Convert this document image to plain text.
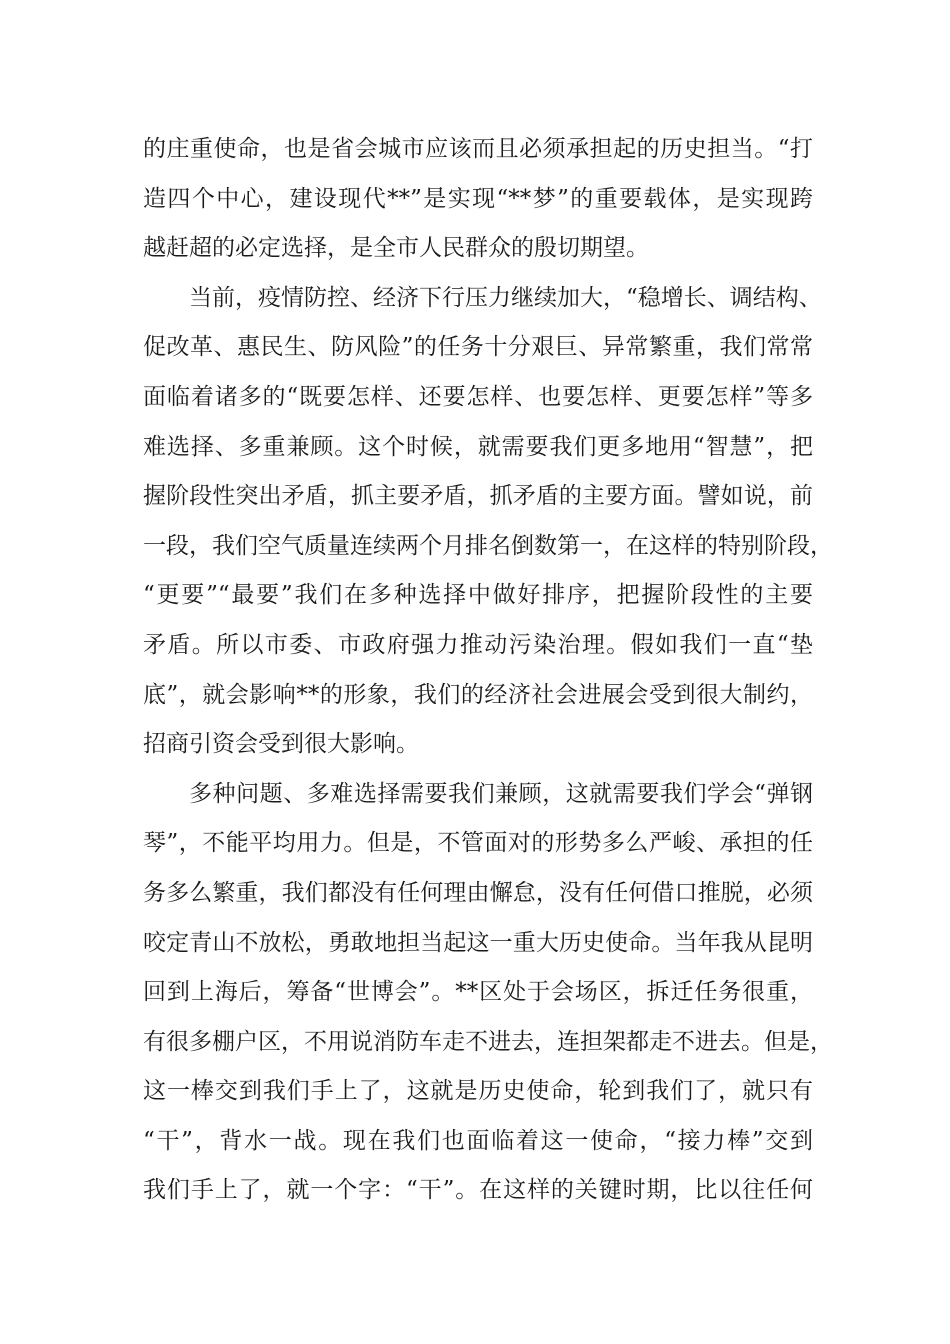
的庄重使命，也是省会城市应该而且必须承担起的历史担当。“打
造四个中心，建设现代**”是实现“**梦”的重要载体，是实现跨
越赶超的必定选择，是全市人民群众的殷切期望。
当前，疫情防控、经济下行压力继续加大，“稳增长、调结构、
促改革、惠民生、防风险”的任务十分艰巨、异常繁重，我们常常
面临着诸多的“既要怎样、还要怎样、也要怎样、更要怎样”等多
难选择、多重兼顾。这个时候，就需要我们更多地用“智慧”，把
握阶段性突出矛盾，抓主要矛盾，抓矛盾的主要方面。譬如说，前
一段，我们空气质量连续两个月排名倒数第一，在这样的特别阶段，
“更要”“最要”我们在多种选择中做好排序，把握阶段性的主要
矛盾。所以市委、市政府强力推动污染治理。假如我们一直“垫
底”，就会影响**的形象，我们的经济社会进展会受到很大制约，
招商引资会受到很大影响。
多种问题、多难选择需要我们兼顾，这就需要我们学会“弹钢
琴”，不能平均用力。但是，不管面对的形势多么严峻、承担的任
务多么繁重，我们都没有任何理由懈怠，没有任何借口推脱，必须
咬定青山不放松，勇敢地担当起这一重大历史使命。当年我从昆明
回到上海后，筹备“世博会”。**区处于会场区，拆迁任务很重，
有很多棚户区，不用说消防车走不进去，连担架都走不进去。但是，
这一棒交到我们手上了，这就是历史使命，轮到我们了，就只有
“干”，背水一战。现在我们也面临着这一使命，“接力棒”交到
我们手上了，就一个字：“干”。在这样的关键时期，比以往任何
